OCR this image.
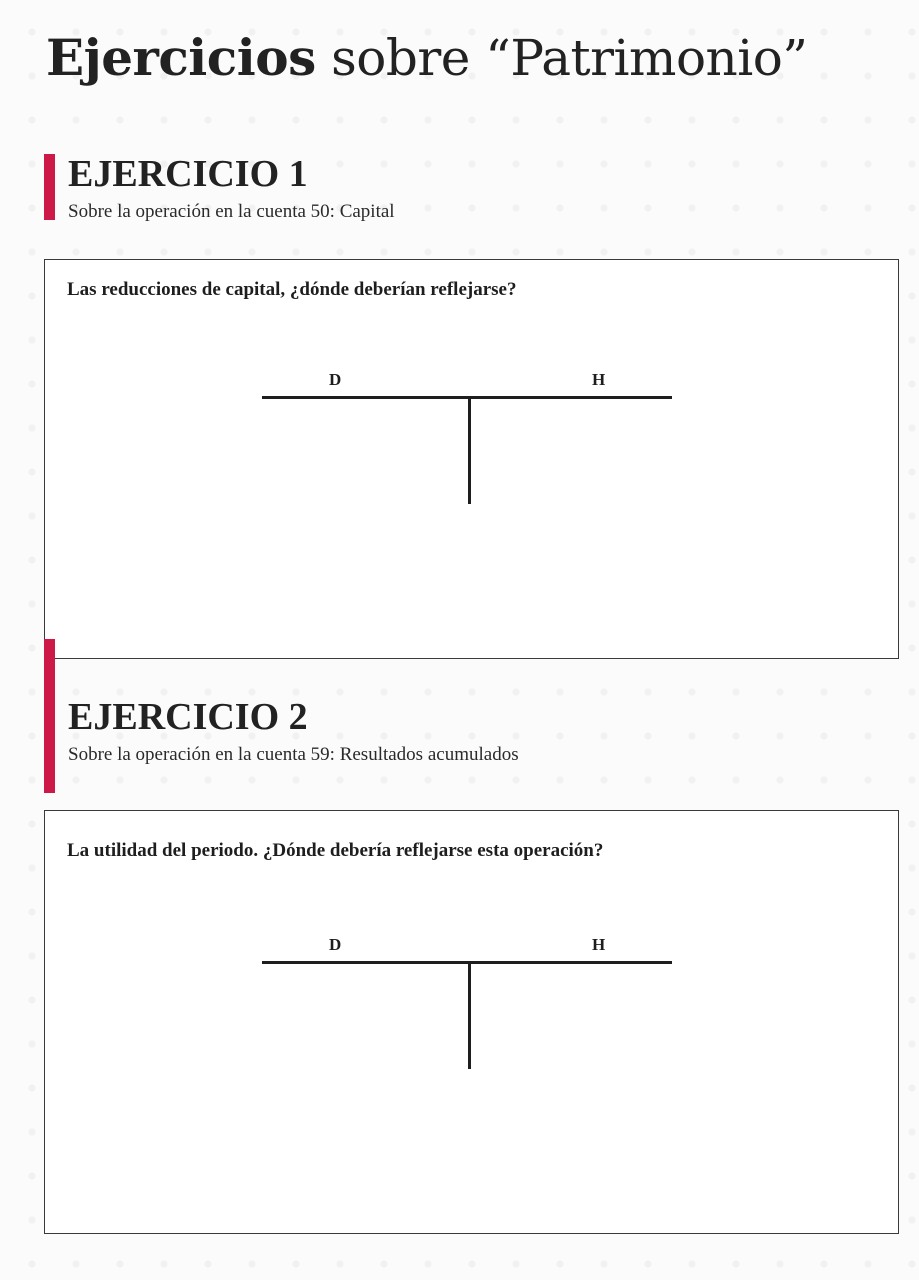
Ejercicios sobre “Patrimonio”
EJERCICIO 1

Sobre la operación en la cuenta 50: Capital

Las reducciones de capital, ¿dónde deberían reflejarse?

D	H
EJERCICIO 2

Sobre la operación en la cuenta 59: Resultados acumulados

La utilidad del periodo. ¿Dónde debería reflejarse esta operación?

D	H
